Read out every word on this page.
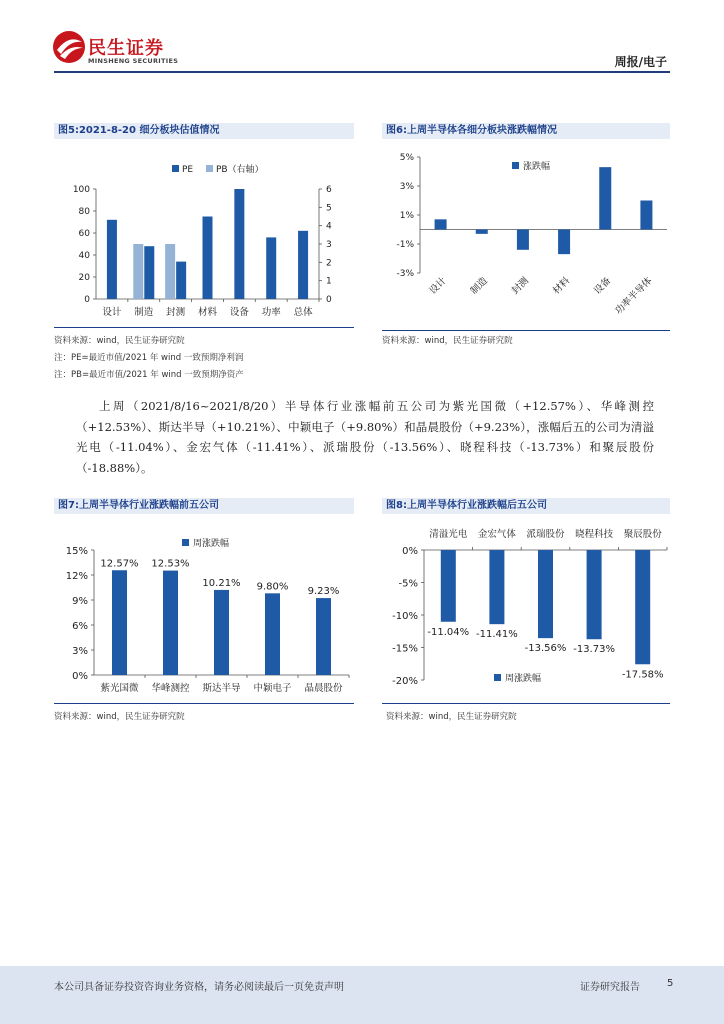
民生证券
MINSHENG SECURITIES	周报/电子
图5:2021-8-20 细分板块估值情况
PE	PB（右轴）
0
20
40
60
80
100
0
1
2
3
4
5
6
设计 制造 封测 材料 设备 功率 总体
资料来源：wind，民生证券研究院
注：PE=最近市值/2021 年 wind 一致预期净利润
注：PB=最近市值/2021 年 wind 一致预期净资产
图6:上周半导体各细分板块涨跌幅情况
涨跌幅
5%
3%
1%
-1%
-3%
设计 制造 封测 材料 设备 功率半导体
资料来源：wind，民生证券研究院

上周（2021/8/16~2021/8/20）半导体行业涨幅前五公司为紫光国微（+12.57%）、华峰测控（+12.53%）、斯达半导（+10.21%）、中颖电子（+9.80%）和晶晨股份（+9.23%），涨幅后五的公司为清溢光电（-11.04%）、金宏气体（-11.41%）、派瑞股份（-13.56%）、晓程科技（-13.73%）和聚辰股份（-18.88%）。

图7:上周半导体行业涨跌幅前五公司
周涨跌幅
15%
12%
9%
6%
3%
0%
12.57%
紫光国微
12.53%
华峰测控
10.21%
斯达半导
9.80%
中颖电子
9.23%
晶晨股份
资料来源：wind，民生证券研究院
图8:上周半导体行业涨跌幅后五公司
0%
-5%
-10%
-15%
-20%
-11.04%
清溢光电
-11.41%
金宏气体
-13.56%
派瑞股份
-13.73%
晓程科技
-17.58%
聚辰股份
周涨跌幅
资料来源：wind，民生证券研究院
本公司具备证券投资咨询业务资格，请务必阅读最后一页免责声明	证券研究报告	5
